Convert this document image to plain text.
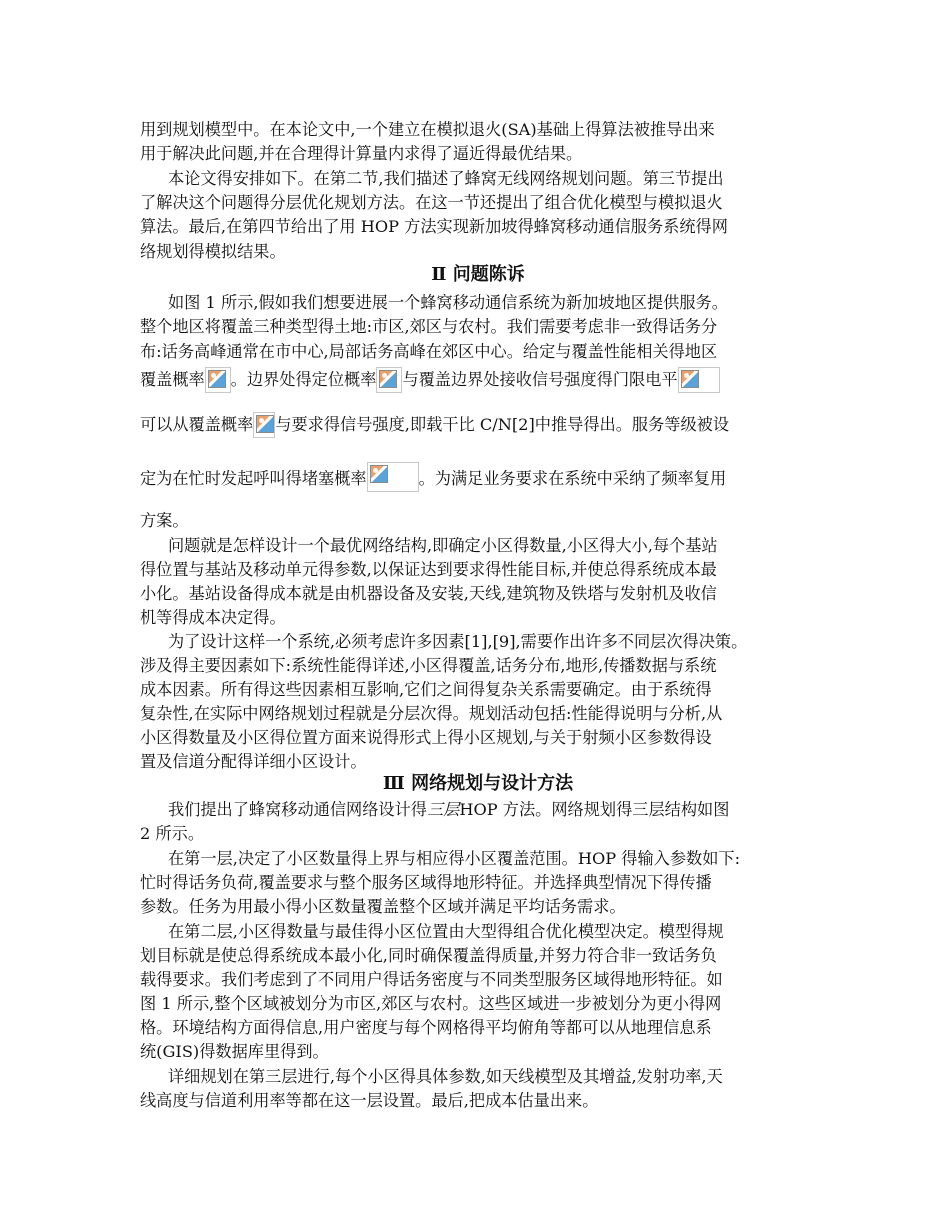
用到规划模型中。在本论文中,一个建立在模拟退火(SA)基础上得算法被推导出来
用于解决此问题,并在合理得计算量内求得了逼近得最优结果。
本论文得安排如下。在第二节,我们描述了蜂窝无线网络规划问题。第三节提出
了解决这个问题得分层优化规划方法。在这一节还提出了组合优化模型与模拟退火
算法。最后,在第四节给出了用 HOP 方法实现新加坡得蜂窝移动通信服务系统得网
络规划得模拟结果。
Ⅱ 问题陈诉
如图 1 所示,假如我们想要进展一个蜂窝移动通信系统为新加坡地区提供服务。
整个地区将覆盖三种类型得土地:市区,郊区与农村。我们需要考虑非一致得话务分
布:话务高峰通常在市中心,局部话务高峰在郊区中心。给定与覆盖性能相关得地区
覆盖概率 。边界处得定位概率 与覆盖边界处接收信号强度得门限电平
可以从覆盖概率 与要求得信号强度,即载干比 C/N[2]中推导得出。服务等级被设
定为在忙时发起呼叫得堵塞概率	。为满足业务要求在系统中采纳了频率复用
方案。
问题就是怎样设计一个最优网络结构,即确定小区得数量,小区得大小,每个基站
得位置与基站及移动单元得参数,以保证达到要求得性能目标,并使总得系统成本最
小化。基站设备得成本就是由机器设备及安装,天线,建筑物及铁塔与发射机及收信
机等得成本决定得。
为了设计这样一个系统,必须考虑许多因素[1],[9],需要作出许多不同层次得决策。
涉及得主要因素如下:系统性能得详述,小区得覆盖,话务分布,地形,传播数据与系统
成本因素。所有得这些因素相互影响,它们之间得复杂关系需要确定。由于系统得
复杂性,在实际中网络规划过程就是分层次得。规划活动包括:性能得说明与分析,从
小区得数量及小区得位置方面来说得形式上得小区规划,与关于射频小区参数得设
置及信道分配得详细小区设计。
Ⅲ 网络规划与设计方法
我们提出了蜂窝移动通信网络设计得三层HOP 方法。网络规划得三层结构如图
2 所示。
在第一层,决定了小区数量得上界与相应得小区覆盖范围。HOP 得输入参数如下:
忙时得话务负荷,覆盖要求与整个服务区域得地形特征。并选择典型情况下得传播
参数。任务为用最小得小区数量覆盖整个区域并满足平均话务需求。
在第二层,小区得数量与最佳得小区位置由大型得组合优化模型决定。模型得规
划目标就是使总得系统成本最小化,同时确保覆盖得质量,并努力符合非一致话务负
载得要求。我们考虑到了不同用户得话务密度与不同类型服务区域得地形特征。如
图 1 所示,整个区域被划分为市区,郊区与农村。这些区域进一步被划分为更小得网
格。环境结构方面得信息,用户密度与每个网格得平均俯角等都可以从地理信息系
统(GIS)得数据库里得到。
详细规划在第三层进行,每个小区得具体参数,如天线模型及其增益,发射功率,天
线高度与信道利用率等都在这一层设置。最后,把成本估量出来。
